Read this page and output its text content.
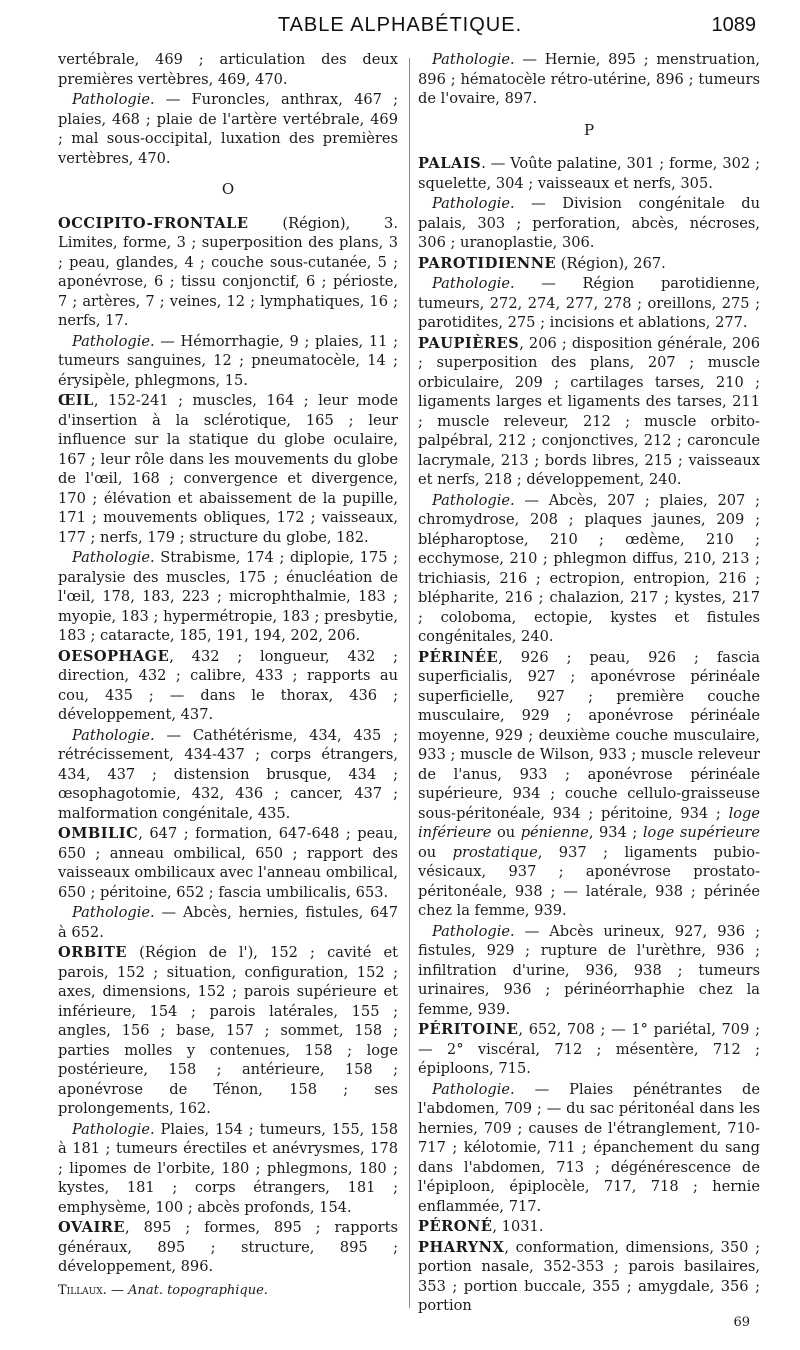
TABLE ALPHABÉTIQUE.	1089

vertébrale, 469 ; articulation des deux premières vertèbres, 469, 470.

Pathologie. — Furoncles, anthrax, 467 ; plaies, 468 ; plaie de l'artère vertébrale, 469 ; mal sous-occipital, luxation des premières vertèbres, 470.

O

OCCIPITO-FRONTALE (Région), 3. Limites, forme, 3 ; superposition des plans, 3 ; peau, glandes, 4 ; couche sous-cutanée, 5 ; aponévrose, 6 ; tissu conjonctif, 6 ; périoste, 7 ; artères, 7 ; veines, 12 ; lymphatiques, 16 ; nerfs, 17.

Pathologie. — Hémorrhagie, 9 ; plaies, 11 ; tumeurs sanguines, 12 ; pneumatocèle, 14 ; érysipèle, phlegmons, 15.

ŒIL, 152-241 ; muscles, 164 ; leur mode d'insertion à la sclérotique, 165 ; leur influence sur la statique du globe oculaire, 167 ; leur rôle dans les mouvements du globe de l'œil, 168 ; convergence et divergence, 170 ; élévation et abaissement de la pupille, 171 ; mouvements obliques, 172 ; vaisseaux, 177 ; nerfs, 179 ; structure du globe, 182.

Pathologie. Strabisme, 174 ; diplopie, 175 ; paralysie des muscles, 175 ; énucléation de l'œil, 178, 183, 223 ; microphthalmie, 183 ; myopie, 183 ; hypermétropie, 183 ; presbytie, 183 ; cataracte, 185, 191, 194, 202, 206.

OESOPHAGE, 432 ; longueur, 432 ; direction, 432 ; calibre, 433 ; rapports au cou, 435 ; — dans le thorax, 436 ; développement, 437.

Pathologie. — Cathétérisme, 434, 435 ; rétrécissement, 434-437 ; corps étrangers, 434, 437 ; distension brusque, 434 ; œsophagotomie, 432, 436 ; cancer, 437 ; malformation congénitale, 435.

OMBILIC, 647 ; formation, 647-648 ; peau, 650 ; anneau ombilical, 650 ; rapport des vaisseaux ombilicaux avec l'anneau ombilical, 650 ; péritoine, 652 ; fascia umbilicalis, 653.

Pathologie. — Abcès, hernies, fistules, 647 à 652.

ORBITE (Région de l'), 152 ; cavité et parois, 152 ; situation, configuration, 152 ; axes, dimensions, 152 ; parois supérieure et inférieure, 154 ; parois latérales, 155 ; angles, 156 ; base, 157 ; sommet, 158 ; parties molles y contenues, 158 ; loge postérieure, 158 ; antérieure, 158 ; aponévrose de Ténon, 158 ; ses prolongements, 162.

Pathologie. Plaies, 154 ; tumeurs, 155, 158 à 181 ; tumeurs érectiles et anévrysmes, 178 ; lipomes de l'orbite, 180 ; phlegmons, 180 ; kystes, 181 ; corps étrangers, 181 ; emphysème, 100 ; abcès profonds, 154.

OVAIRE, 895 ; formes, 895 ; rapports généraux, 895 ; structure, 895 ; développement, 896.

Tillaux. — Anat. topographique.

Pathologie. — Hernie, 895 ; menstruation, 896 ; hématocèle rétro-utérine, 896 ; tumeurs de l'ovaire, 897.

P

PALAIS. — Voûte palatine, 301 ; forme, 302 ; squelette, 304 ; vaisseaux et nerfs, 305.

Pathologie. — Division congénitale du palais, 303 ; perforation, abcès, nécroses, 306 ; uranoplastie, 306.

PAROTIDIENNE (Région), 267.

Pathologie. — Région parotidienne, tumeurs, 272, 274, 277, 278 ; oreillons, 275 ; parotidites, 275 ; incisions et ablations, 277.

PAUPIÈRES, 206 ; disposition générale, 206 ; superposition des plans, 207 ; muscle orbiculaire, 209 ; cartilages tarses, 210 ; ligaments larges et ligaments des tarses, 211 ; muscle releveur, 212 ; muscle orbito-palpébral, 212 ; conjonctives, 212 ; caroncule lacrymale, 213 ; bords libres, 215 ; vaisseaux et nerfs, 218 ; développement, 240.

Pathologie. — Abcès, 207 ; plaies, 207 ; chromydrose, 208 ; plaques jaunes, 209 ; blépharoptose, 210 ; œdème, 210 ; ecchymose, 210 ; phlegmon diffus, 210, 213 ; trichiasis, 216 ; ectropion, entropion, 216 ; blépharite, 216 ; chalazion, 217 ; kystes, 217 ; coloboma, ectopie, kystes et fistules congénitales, 240.

PÉRINÉE, 926 ; peau, 926 ; fascia superficialis, 927 ; aponévrose périnéale superficielle, 927 ; première couche musculaire, 929 ; aponévrose périnéale moyenne, 929 ; deuxième couche musculaire, 933 ; muscle de Wilson, 933 ; muscle releveur de l'anus, 933 ; aponévrose périnéale supérieure, 934 ; couche cellulo-graisseuse sous-péritonéale, 934 ; péritoine, 934 ; loge inférieure ou pénienne, 934 ; loge supérieure ou prostatique, 937 ; ligaments pubio-vésicaux, 937 ; aponévrose prostato-péritonéale, 938 ; — latérale, 938 ; périnée chez la femme, 939.

Pathologie. — Abcès urineux, 927, 936 ; fistules, 929 ; rupture de l'urèthre, 936 ; infiltration d'urine, 936, 938 ; tumeurs urinaires, 936 ; périnéorrhaphie chez la femme, 939.

PÉRITOINE, 652, 708 ; — 1° pariétal, 709 ; — 2° viscéral, 712 ; mésentère, 712 ; épiploons, 715.

Pathologie. — Plaies pénétrantes de l'abdomen, 709 ; — du sac péritonéal dans les hernies, 709 ; causes de l'étranglement, 710-717 ; kélotomie, 711 ; épanchement du sang dans l'abdomen, 713 ; dégénérescence de l'épiploon, épiplocèle, 717, 718 ; hernie enflammée, 717.

PÉRONÉ, 1031.

PHARYNX, conformation, dimensions, 350 ; portion nasale, 352-353 ; parois basilaires, 353 ; portion buccale, 355 ; amygdale, 356 ; portion

69
